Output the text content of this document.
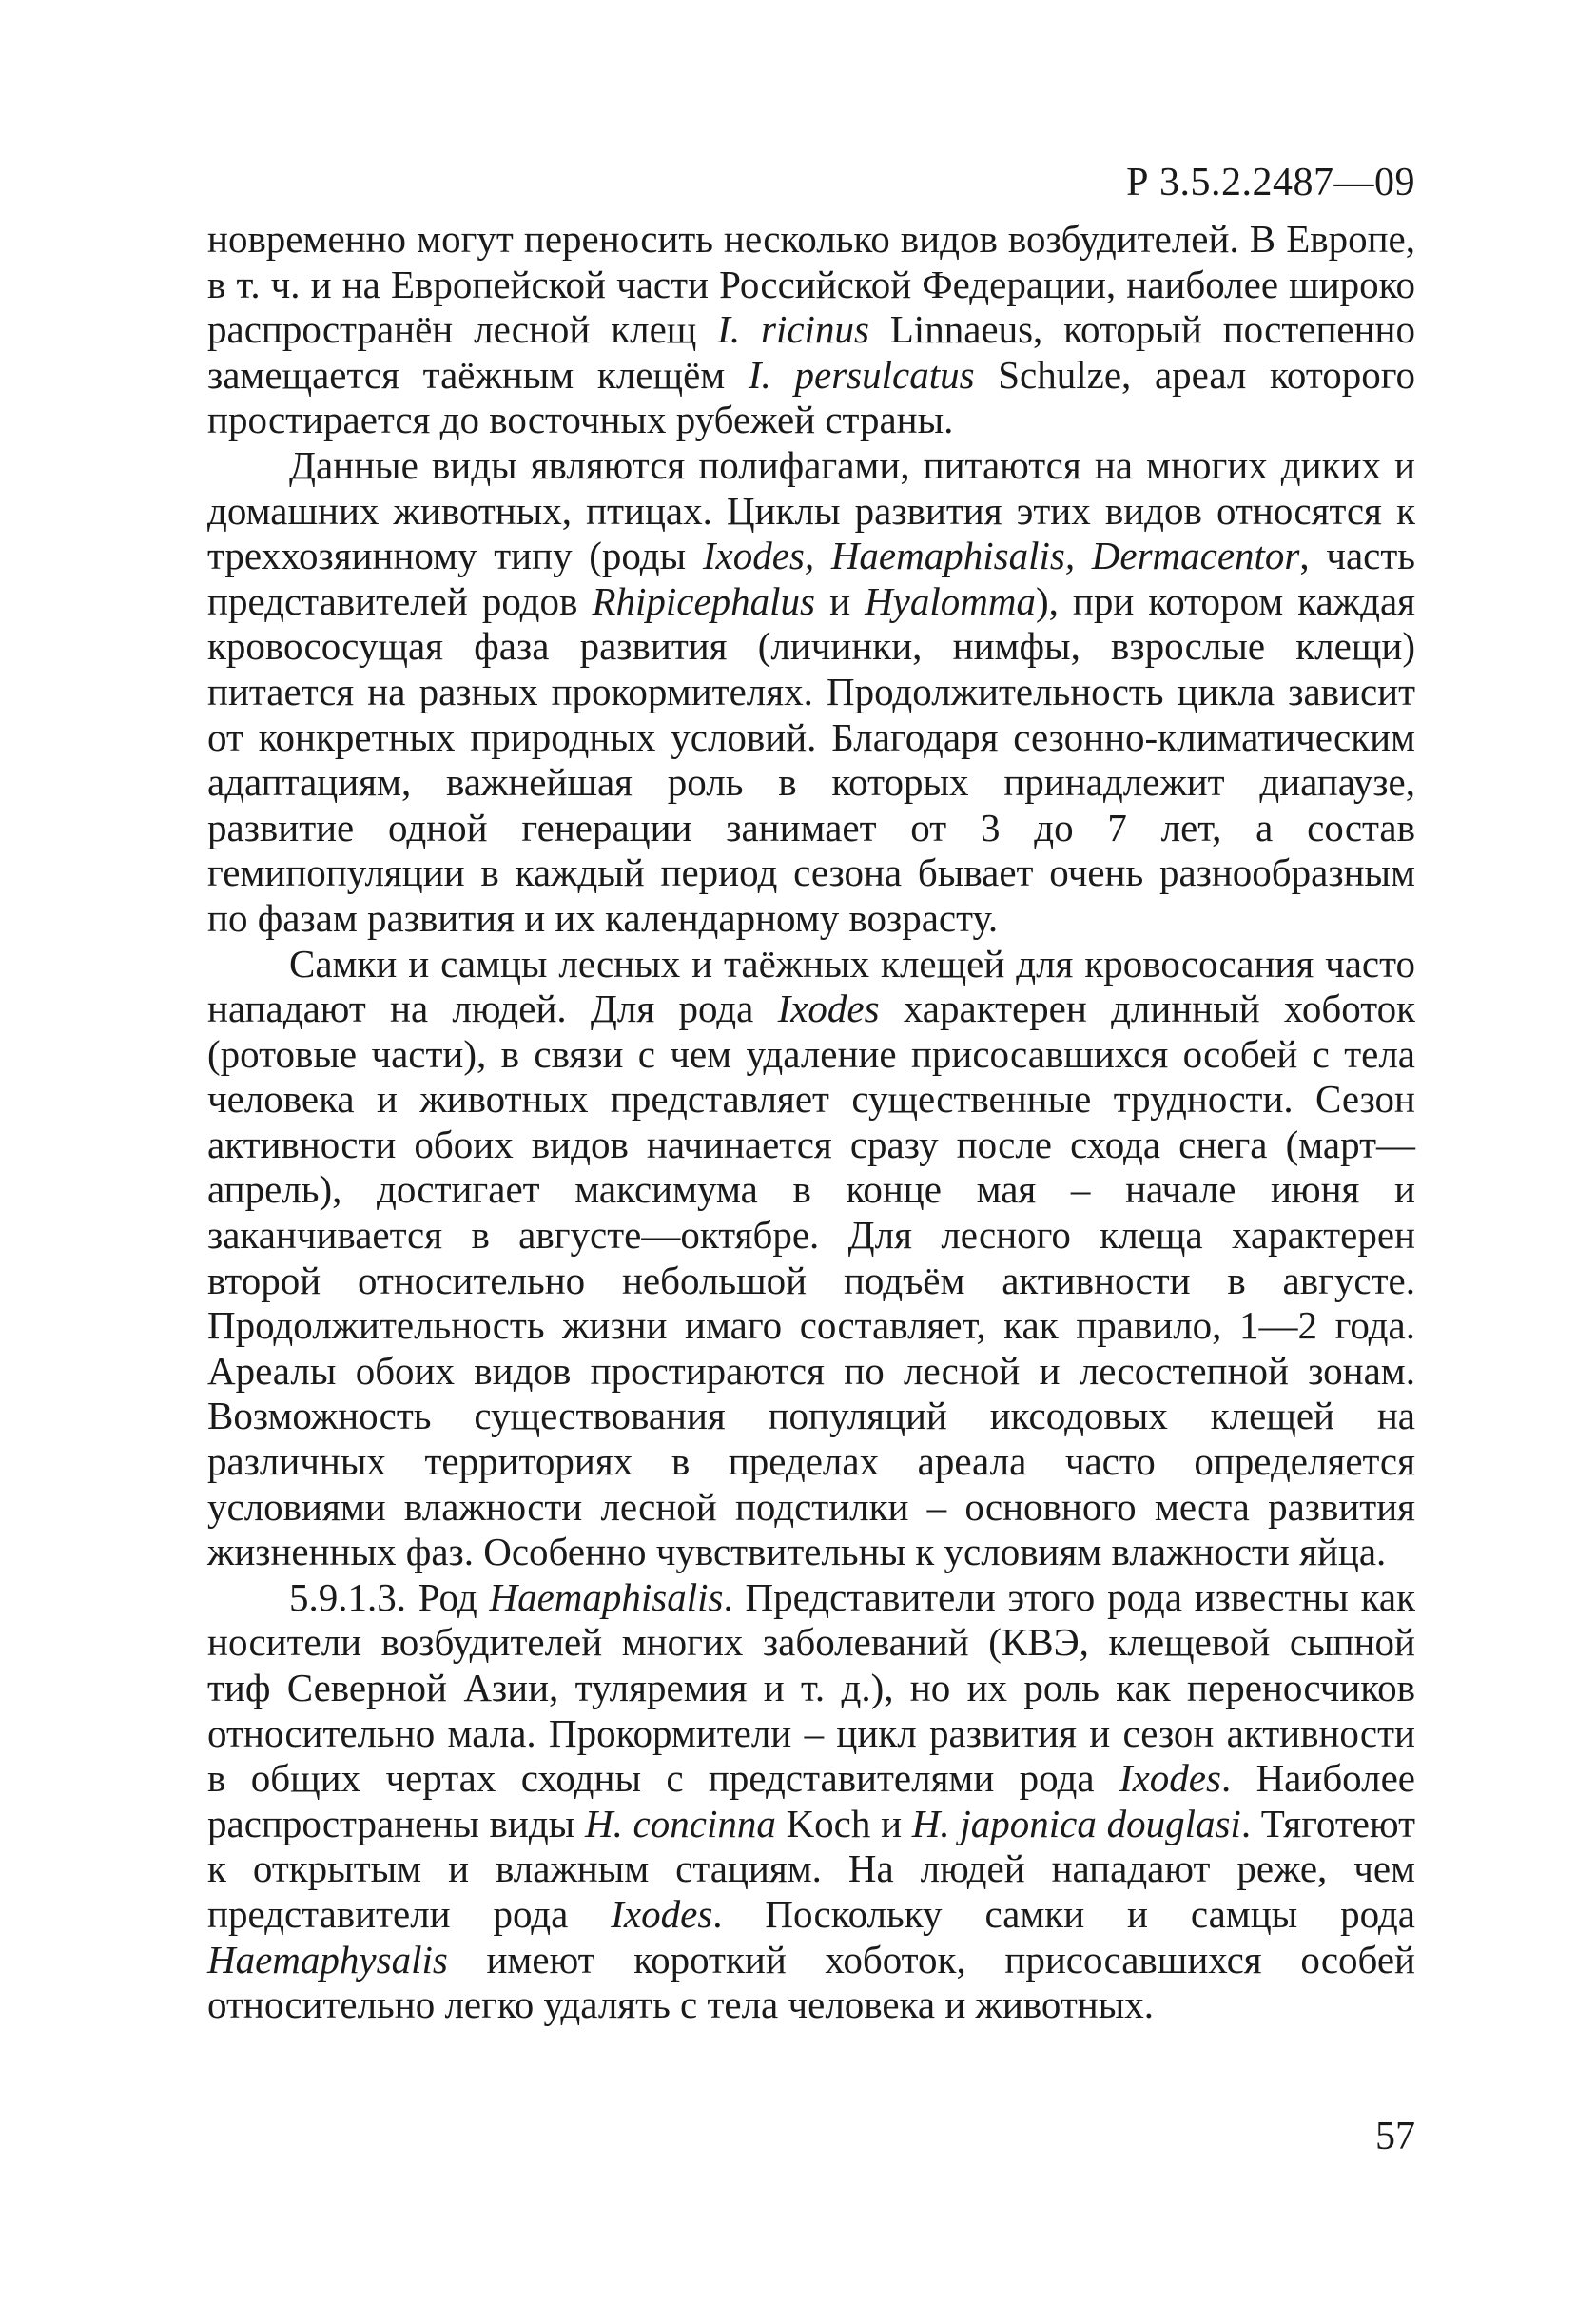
Р 3.5.2.2487—09

новременно могут переносить несколько видов возбудителей. В Европе, в т. ч. и на Европейской части Российской Федерации, наиболее широко распространён лесной клещ I. ricinus Linnaeus, который постепенно замещается таёжным клещём I. persulcatus Schulze, ареал которого простирается до восточных рубежей страны.

Данные виды являются полифагами, питаются на многих диких и домашних животных, птицах. Циклы развития этих видов относятся к треххозяинному типу (роды Ixodes, Haemaphisalis, Dermacentor, часть представителей родов Rhipicephalus и Hyalomma), при котором каждая кровососущая фаза развития (личинки, нимфы, взрослые клещи) питается на разных прокормителях. Продолжительность цикла зависит от конкретных природных условий. Благодаря сезонно-климатическим адаптациям, важнейшая роль в которых принадлежит диапаузе, развитие одной генерации занимает от 3 до 7 лет, а состав гемипопуляции в каждый период сезона бывает очень разнообразным по фазам развития и их календарному возрасту.

Самки и самцы лесных и таёжных клещей для кровососания часто нападают на людей. Для рода Ixodes характерен длинный хоботок (ротовые части), в связи с чем удаление присосавшихся особей с тела человека и животных представляет существенные трудности. Сезон активности обоих видов начинается сразу после схода снега (март—апрель), достигает максимума в конце мая – начале июня и заканчивается в августе—октябре. Для лесного клеща характерен второй относительно небольшой подъём активности в августе. Продолжительность жизни имаго составляет, как правило, 1—2 года. Ареалы обоих видов простираются по лесной и лесостепной зонам. Возможность существования популяций иксодовых клещей на различных территориях в пределах ареала часто определяется условиями влажности лесной подстилки – основного места развития жизненных фаз. Особенно чувствительны к условиям влажности яйца.

5.9.1.3. Род Haemaphisalis. Представители этого рода известны как носители возбудителей многих заболеваний (КВЭ, клещевой сыпной тиф Северной Азии, туляремия и т. д.), но их роль как переносчиков относительно мала. Прокормители – цикл развития и сезон активности в общих чертах сходны с представителями рода Ixodes. Наиболее распространены виды H. concinna Koch и H. japonica douglasi. Тяготеют к открытым и влажным стациям. На людей нападают реже, чем представители рода Ixodes. Поскольку самки и самцы рода Haemaphysalis имеют короткий хоботок, присосавшихся особей относительно легко удалять с тела человека и животных.

57
